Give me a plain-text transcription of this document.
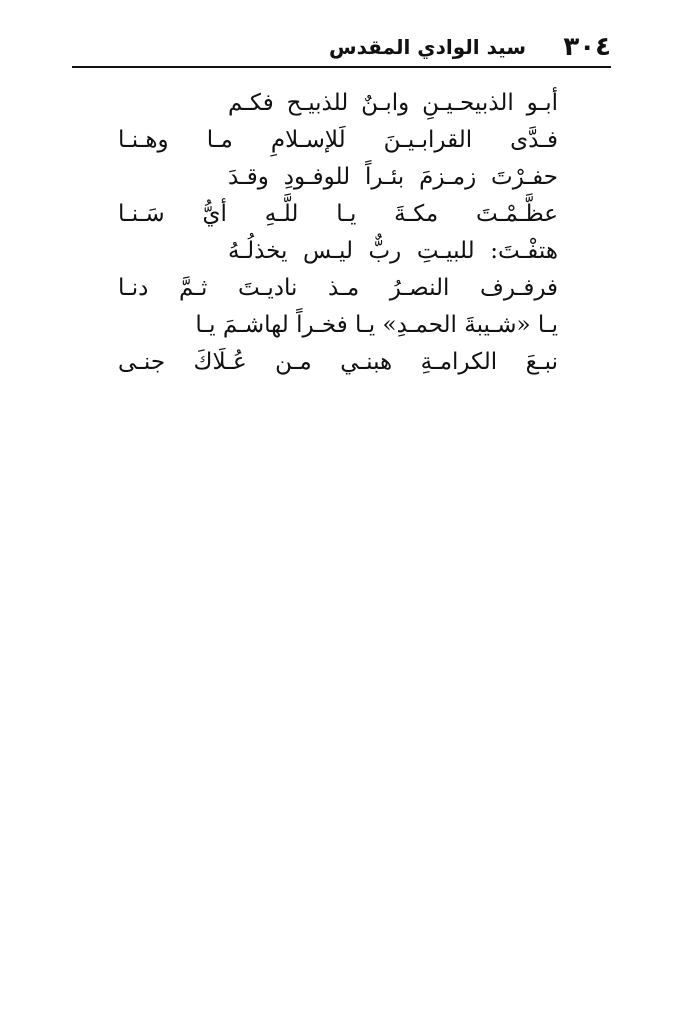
٣٠٤
سيد الوادي المقدس
أبـو الذبيحـيـنِ وابـنٌ للذبيـح فكـم
فـدَّى القرابـيـنَ لَلإسـلامِ مـا وهـنـا
حفـرْتَ زمـزمَ بئـراً للوفـودِ وقـدَ
عظَّـمْـتَ مكـةَ يـا للَّـهِ أيُّ سَـنـا
هتفْـتَ: للبيـتِ ربٌّ ليـس يخذلُـهُ
فرفـرف النصـرُ مـذ ناديـتَ ثـمَّ دنـا
يـا «شـيبةَ الحمـدِ» يـا فخـراً لهاشـمَ يـا
نبـعَ الكرامـةِ هبنـي مـن عُـلَاكَ جنـى
